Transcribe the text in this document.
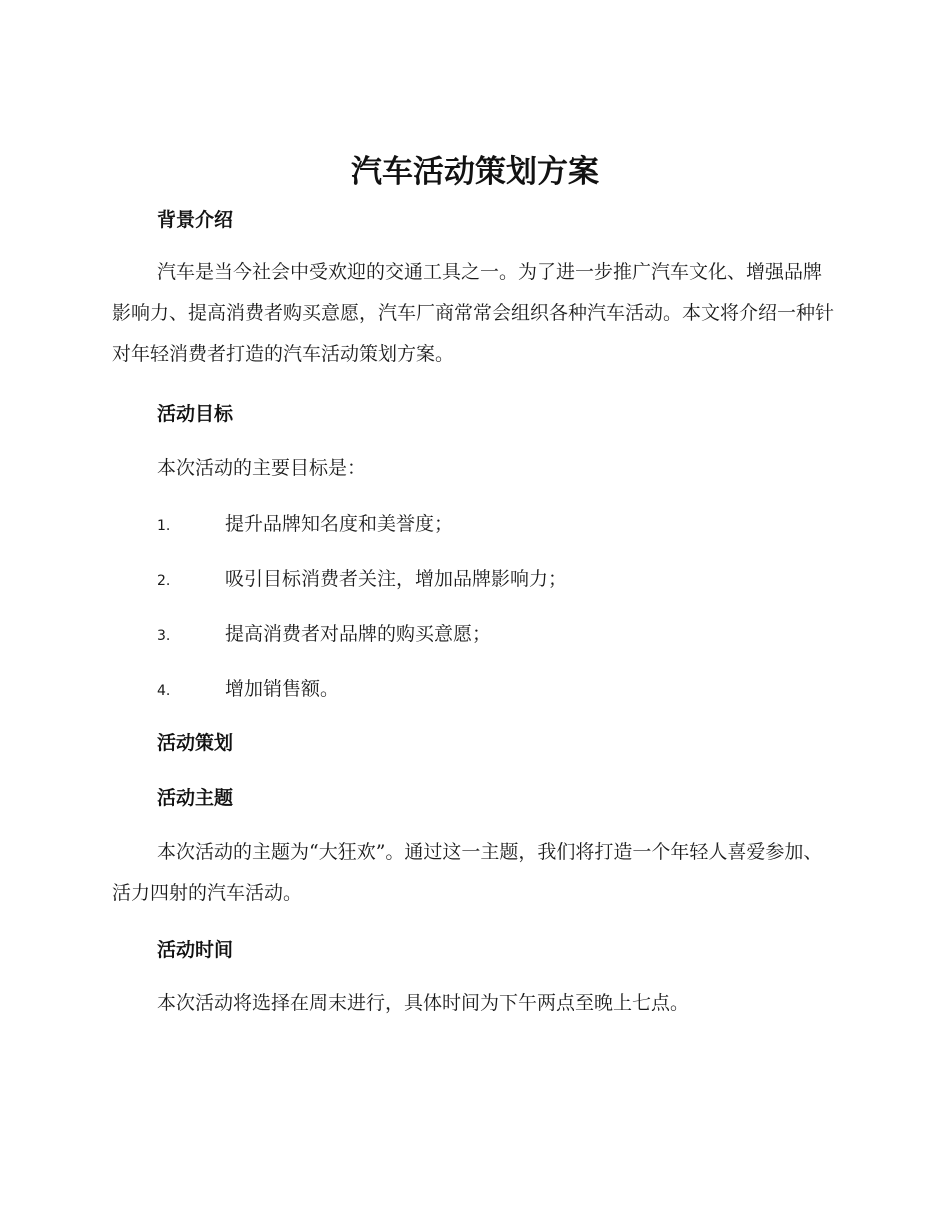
汽车活动策划方案
背景介绍

汽车是当今社会中受欢迎的交通工具之一。为了进一步推广汽车文化、增强品牌影响力、提高消费者购买意愿，汽车厂商常常会组织各种汽车活动。本文将介绍一种针对年轻消费者打造的汽车活动策划方案。

活动目标

本次活动的主要目标是：

1.	提升品牌知名度和美誉度；
2.	吸引目标消费者关注，增加品牌影响力；
3.	提高消费者对品牌的购买意愿；
4.	增加销售额。
活动策划
活动主题

本次活动的主题为“大狂欢”。通过这一主题，我们将打造一个年轻人喜爱参加、活力四射的汽车活动。

活动时间

本次活动将选择在周末进行，具体时间为下午两点至晚上七点。
